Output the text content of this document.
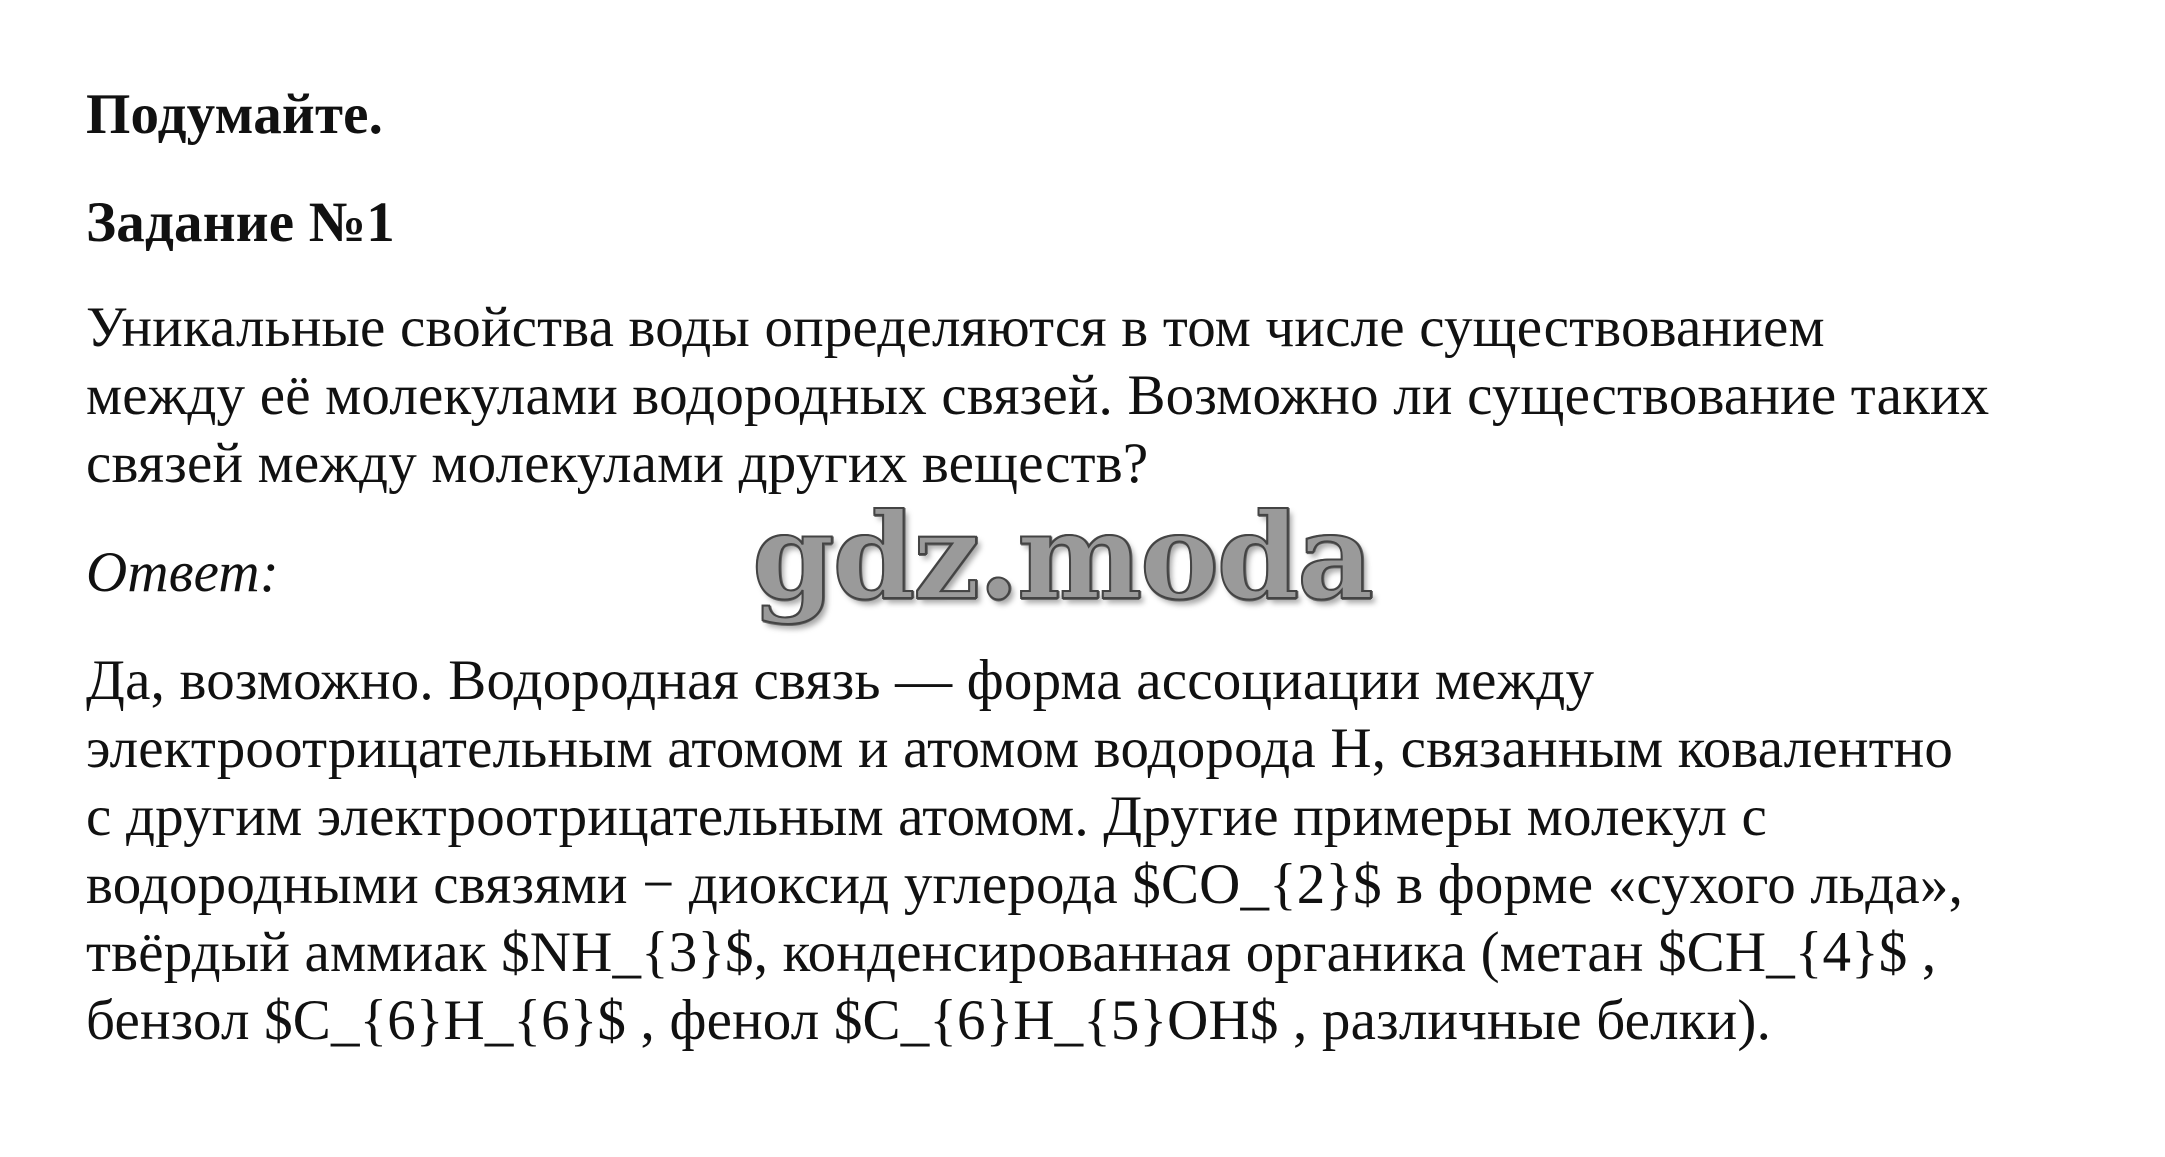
Подумайте.
Задание №1
Уникальные свойства воды определяются в том числе существованием
между её молекулами водородных связей. Возможно ли существование таких
связей между молекулами других веществ?
Ответ:	gdz.moda
Да, возможно. Водородная связь — форма ассоциации между
электроотрицательным атомом и атомом водорода H, связанным ковалентно
с другим электроотрицательным атомом. Другие примеры молекул с
водородными связями − диоксид углерода $CO_{2}$ в форме «сухого льда»,
твёрдый аммиак $NH_{3}$, конденсированная органика (метан $CH_{4}$ ,
бензол $C_{6}H_{6}$ , фенол $C_{6}H_{5}OH$ , различные белки).
